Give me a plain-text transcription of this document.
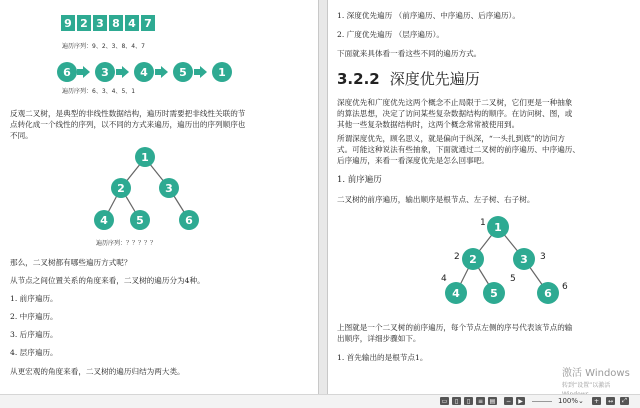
9 2 3 8 4 7
遍历序列：9、2、3、8、4、7
6	3	4	5	1
遍历序列：6、3、4、5、1
反观二叉树，是典型的非线性数据结构，遍历时需要把非线性关联的节
点转化成一个线性的序列，以不同的方式来遍历，遍历出的序列顺序也
不同。
1
2	3
4	5	6
遍历序列：？？？？？
那么，二叉树都有哪些遍历方式呢？
从节点之间位置关系的角度来看，二叉树的遍历分为4种。
1. 前序遍历。
2. 中序遍历。
3. 后序遍历。
4. 层序遍历。
从更宏观的角度来看，二叉树的遍历归结为两大类。
1. 深度优先遍历 （前序遍历、中序遍历、后序遍历）。
2. 广度优先遍历 （层序遍历）。
下面就来具体看一看这些不同的遍历方式。
3.2.2 深度优先遍历
深度优先和广度优先这两个概念不止局限于二叉树，它们更是一种抽象
的算法思想，决定了访问某些复杂数据结构的顺序。在访问树、图，或
其他一些复杂数据结构时，这两个概念常常被使用到。
所谓深度优先，顾名思义，就是偏向于纵深，“一头扎到底”的访问方
式。可能这种说法有些抽象，下面就通过二叉树的前序遍历、中序遍历、
后序遍历，来看一看深度优先是怎么回事吧。
1. 前序遍历
二叉树的前序遍历，输出顺序是根节点、左子树、右子树。
1
2	3
4	5	6
1
2	3
4	5
6
上图就是一个二叉树的前序遍历，每个节点左侧的序号代表该节点的输
出顺序，详细步骤如下。
1. 首先输出的是根节点1。
激活 Windows
转到“设置”以激活
▭	▯	▯	≡	▤	−	▶	100% ⌄	+	↔	⤢
